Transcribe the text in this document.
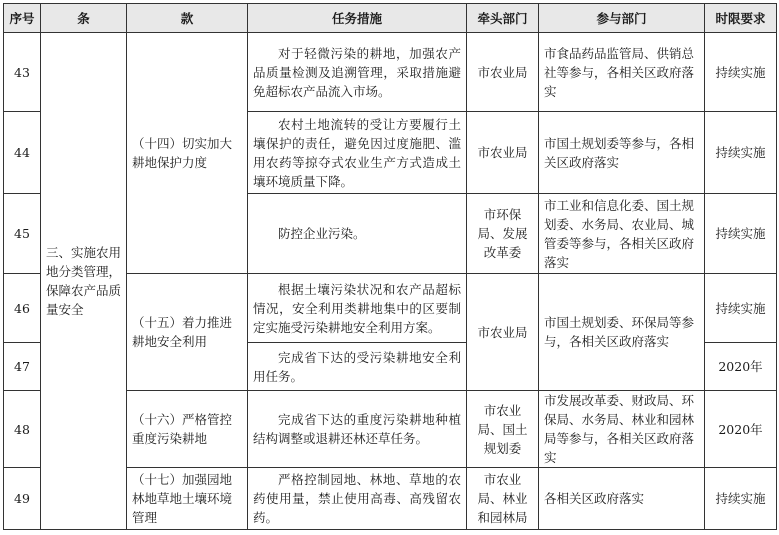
序号	条	款	任务措施	牵头部门	参与部门	时限要求
43	三、实施农用地分类管理，保障农产品质量安全	（十四）切实加大耕地保护力度	对于轻微污染的耕地，加强农产品质量检测及追溯管理，采取措施避免超标农产品流入市场。	市农业局	市食品药品监管局、供销总社等参与，各相关区政府落实	持续实施
44			农村土地流转的受让方要履行土壤保护的责任，避免因过度施肥、滥用农药等掠夺式农业生产方式造成土壤环境质量下降。	市农业局	市国土规划委等参与，各相关区政府落实	持续实施
45			防控企业污染。	市环保局、发展改革委	市工业和信息化委、国土规划委、水务局、农业局、城管委等参与，各相关区政府落实	持续实施
46		（十五）着力推进耕地安全利用	根据土壤污染状况和农产品超标情况，安全利用类耕地集中的区要制定实施受污染耕地安全利用方案。	市农业局	市国土规划委、环保局等参与，各相关区政府落实	持续实施
47			完成省下达的受污染耕地安全利用任务。			2020年
48		（十六）严格管控重度污染耕地	完成省下达的重度污染耕地种植结构调整或退耕还林还草任务。	市农业局、国土规划委	市发展改革委、财政局、环保局、水务局、林业和园林局等参与，各相关区政府落实	2020年
49		（十七）加强园地林地草地土壤环境管理	严格控制园地、林地、草地的农药使用量，禁止使用高毒、高残留农药。	市农业局、林业和园林局	各相关区政府落实	持续实施
